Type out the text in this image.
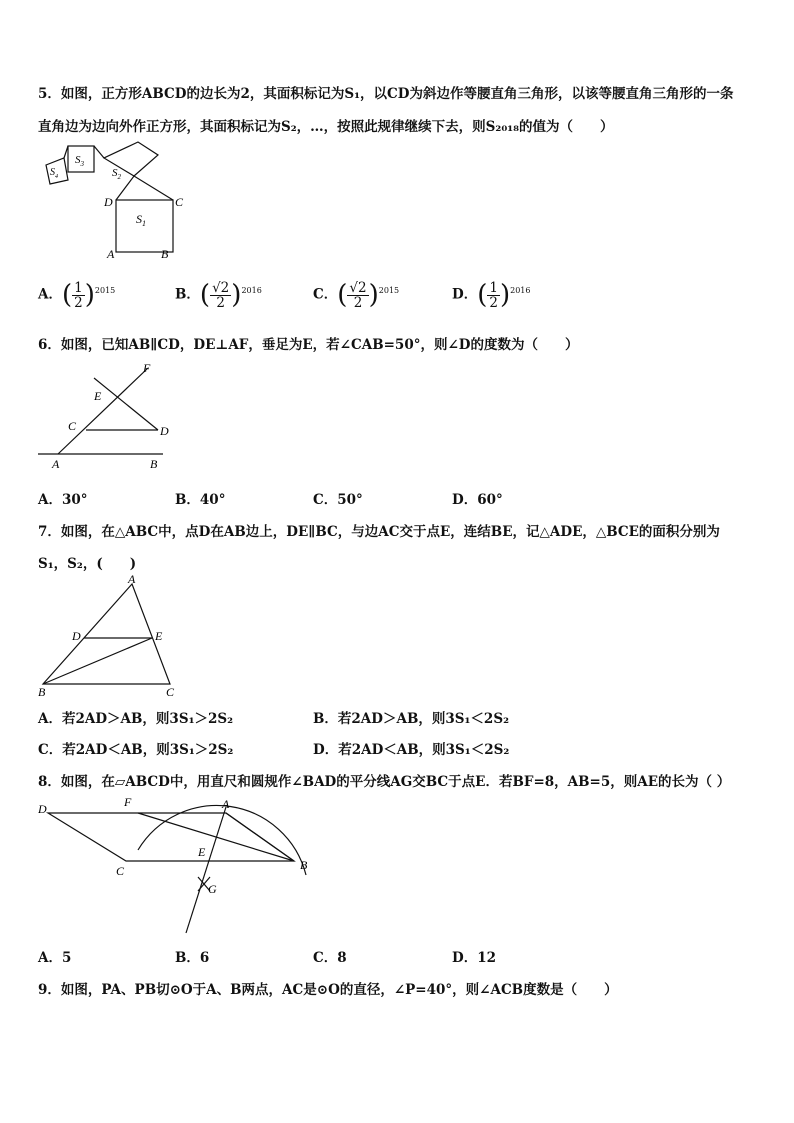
5．如图，正方形ABCD的边长为2，其面积标记为S₁，以CD为斜边作等腰直角三角形，以该等腰直角三角形的一条
直角边为边向外作正方形，其面积标记为S₂，…，按照此规律继续下去，则S₂₀₁₈的值为（　　）
$S_1$
$S_2$
$S_3$
$S_4$
D	C
A	B
A．( $\frac{1}{2} )^{2015}$	B．( $\frac{√2}{2} )^{2016}$	C．( $\frac{√2}{2} )^{2015}$	D．( $\frac{1}{2} )^{2016}$
6．如图，已知AB∥CD，DE⊥AF，垂足为E，若∠CAB=50°，则∠D的度数为（　　）
F
E
C	D
A	B
A．30°	B．40°	C．50°	D．60°
7．如图，在△ABC中，点D在AB边上，DE∥BC，与边AC交于点E，连结BE，记△ADE，△BCE的面积分别为
S₁，S₂，(　　)
A
D	E
B	C
A．若2AD＞AB，则3S₁＞2S₂	B．若2AD＞AB，则3S₁＜2S₂
C．若2AD＜AB，则3S₁＞2S₂	D．若2AD＜AB，则3S₁＜2S₂
8．如图，在▱ABCD中，用直尺和圆规作∠BAD的平分线AG交BC于点E．若BF=8，AB=5，则AE的长为（ ）
D	F	A
E
C	B
G
A．5	B．6	C．8	D．12
9．如图，PA、PB切⊙O于A、B两点，AC是⊙O的直径，∠P=40°，则∠ACB度数是（　　）
